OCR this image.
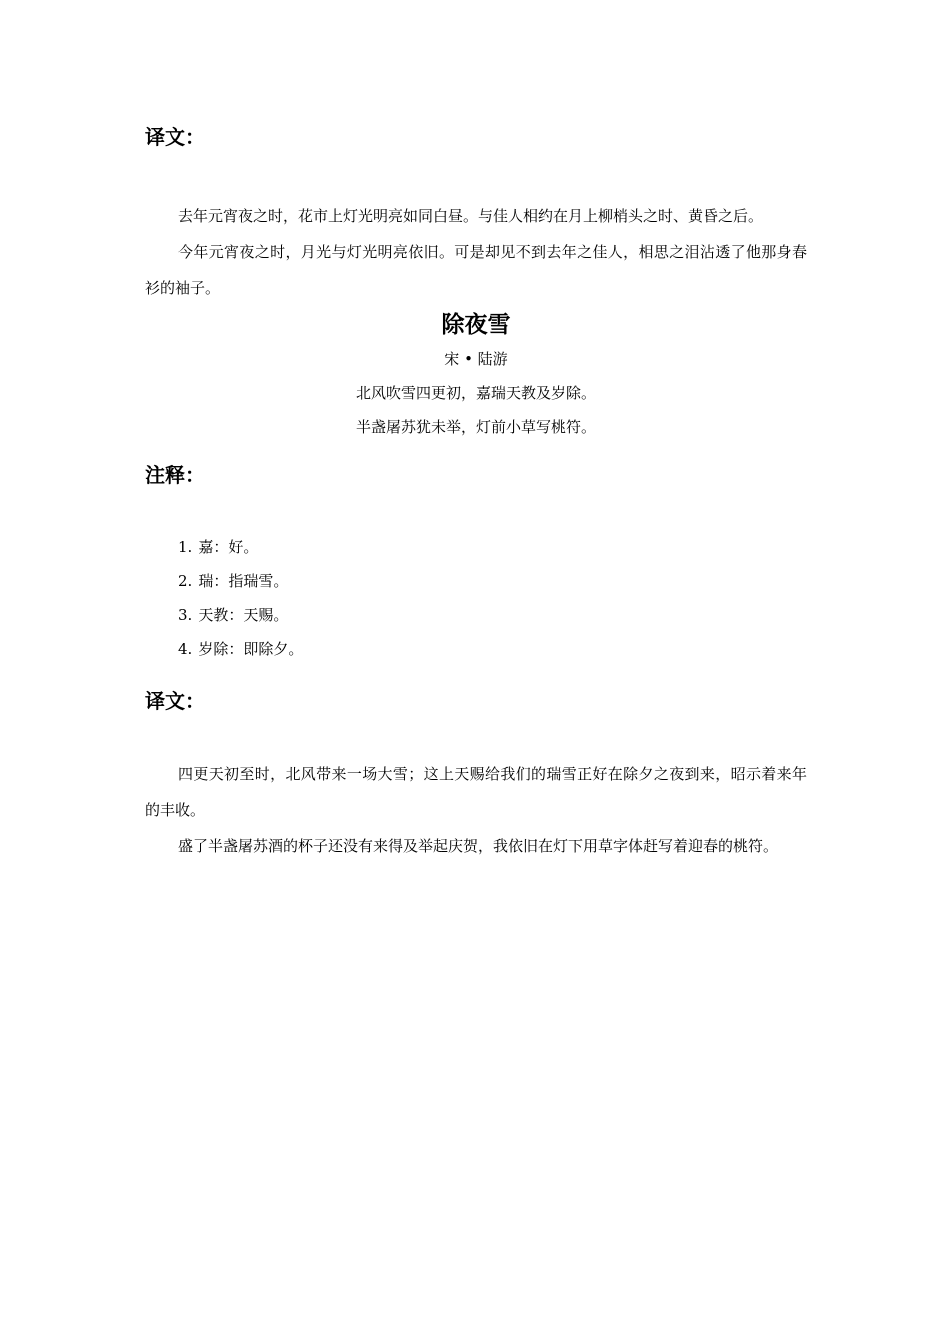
译文：

去年元宵夜之时，花市上灯光明亮如同白昼。与佳人相约在月上柳梢头之时、黄昏之后。

今年元宵夜之时，月光与灯光明亮依旧。可是却见不到去年之佳人，相思之泪沾透了他那身春衫的袖子。

除夜雪

宋 • 陆游

北风吹雪四更初，嘉瑞天教及岁除。

半盏屠苏犹未举，灯前小草写桃符。

注释：
1. 嘉：好。
2. 瑞：指瑞雪。
3. 天教：天赐。
4. 岁除：即除夕。
译文：

四更天初至时，北风带来一场大雪；这上天赐给我们的瑞雪正好在除夕之夜到来，昭示着来年的丰收。

盛了半盏屠苏酒的杯子还没有来得及举起庆贺，我依旧在灯下用草字体赶写着迎春的桃符。
